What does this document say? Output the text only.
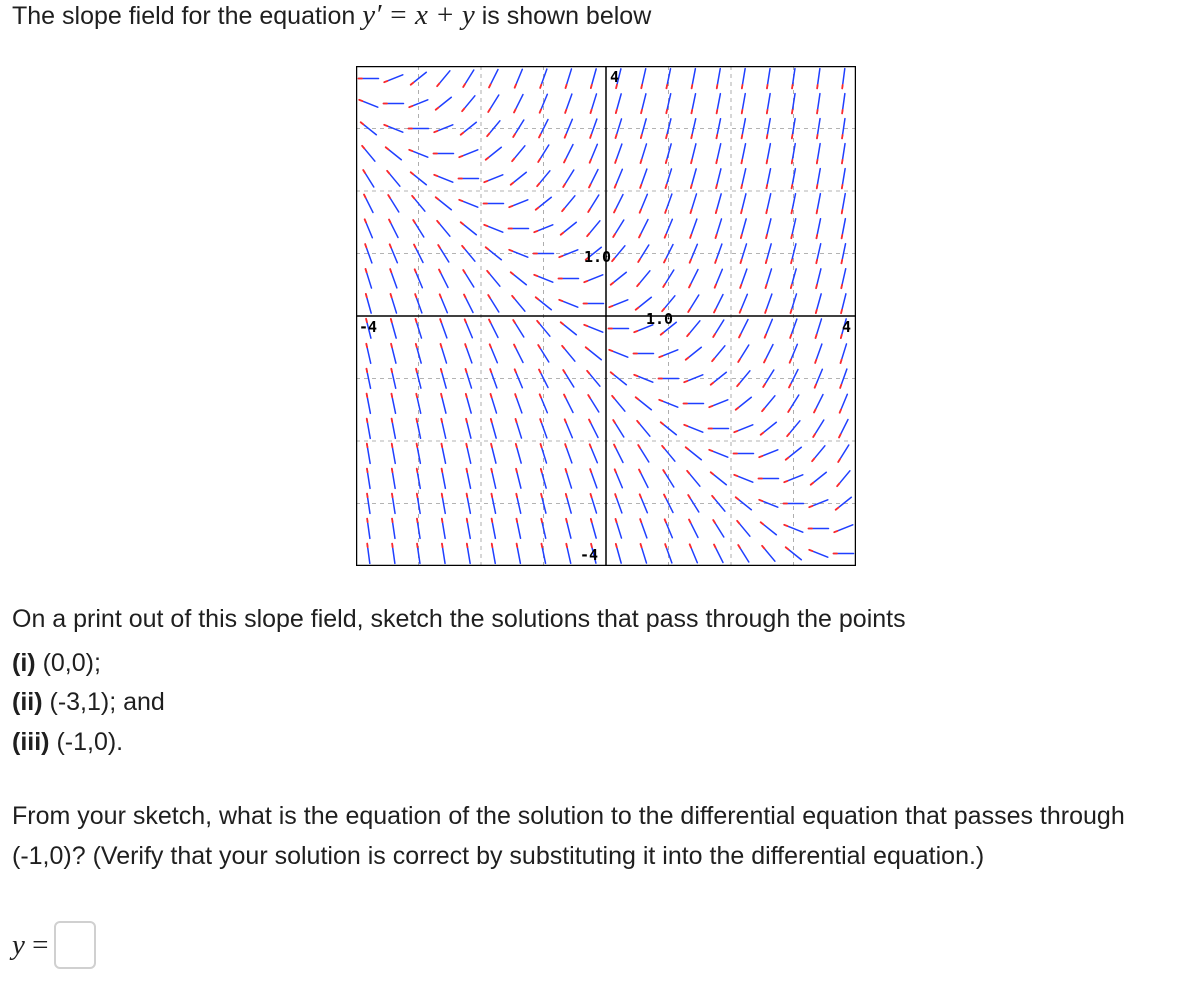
The slope field for the equation y′ = x + y is shown below
-4	4
4
-4
1.0
1.0
On a print out of this slope field, sketch the solutions that pass through the points
(i) (0,0);
(ii) (-3,1); and
(iii) (-1,0).
From your sketch, what is the equation of the solution to the differential equation that passes through (-1,0)? (Verify that your solution is correct by substituting it into the differential equation.)
y =
